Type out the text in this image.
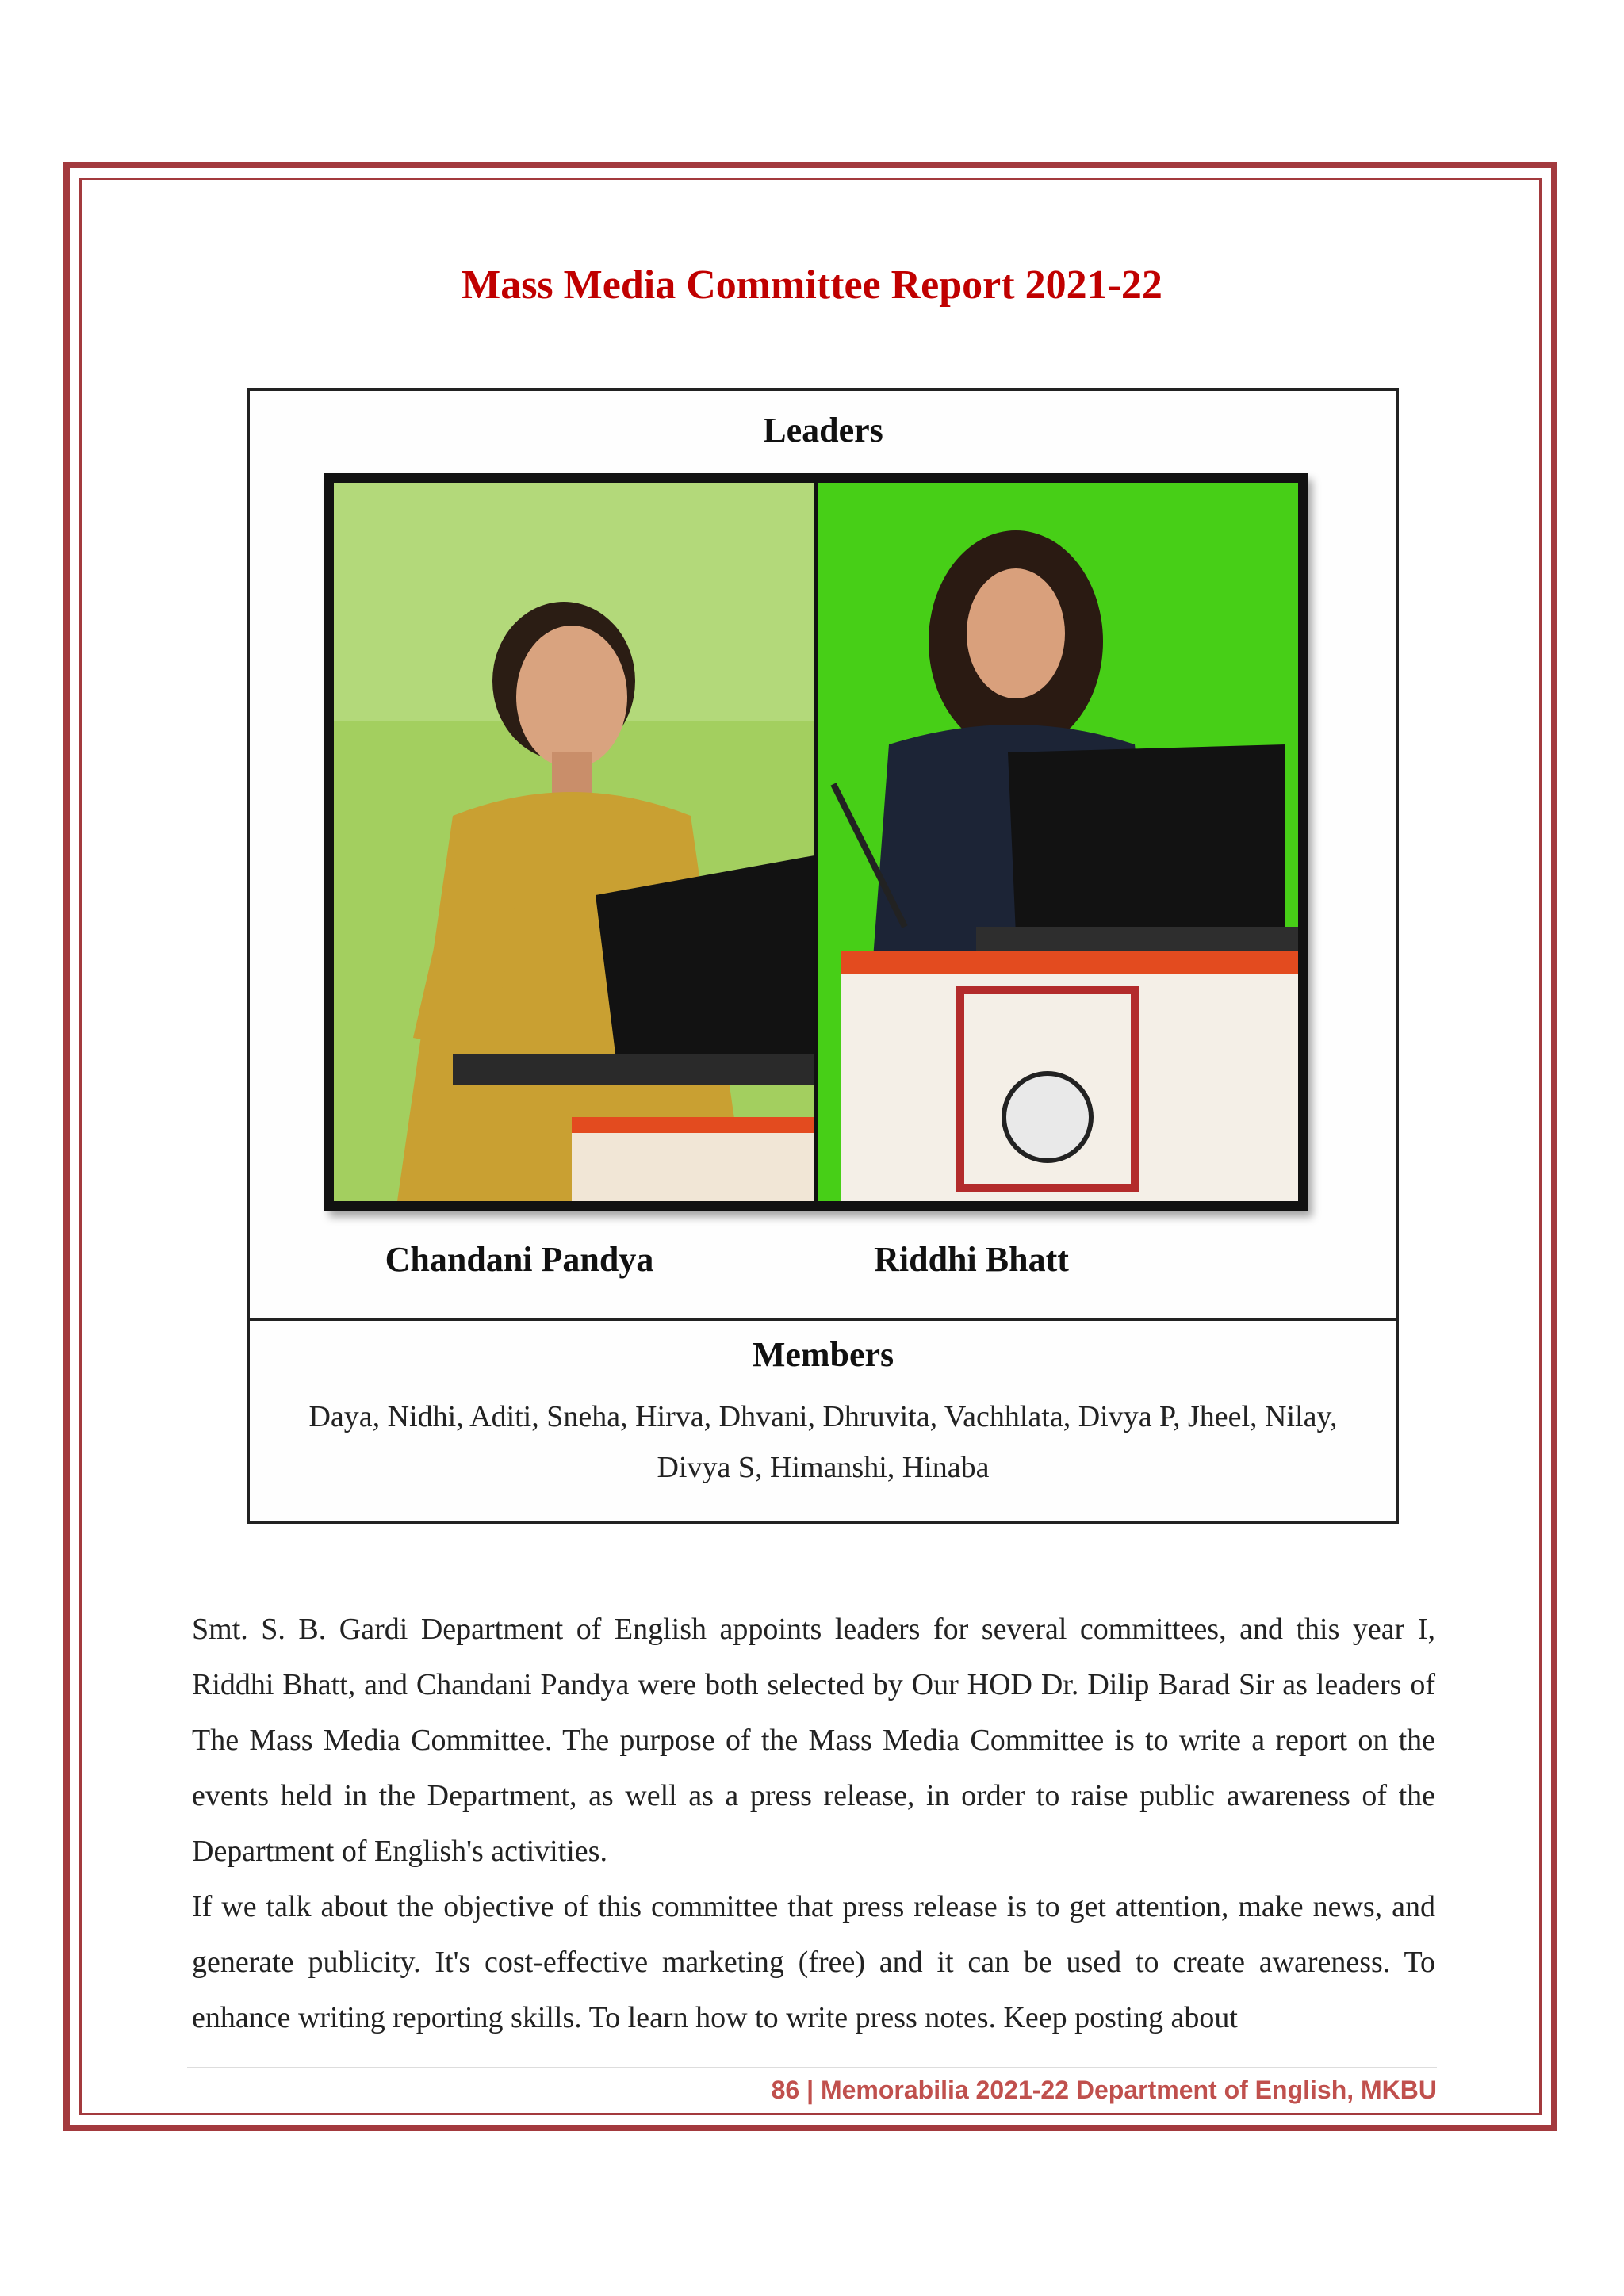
Mass Media Committee Report 2021-22
Leaders
Chandani Pandya	Riddhi Bhatt
Members
Daya, Nidhi, Aditi, Sneha, Hirva, Dhvani, Dhruvita, Vachhlata, Divya P, Jheel, Nilay, Divya S, Himanshi, Hinaba

Smt. S. B. Gardi Department of English appoints leaders for several committees, and this year I, Riddhi Bhatt, and Chandani Pandya were both selected by Our HOD Dr. Dilip Barad Sir as leaders of The Mass Media Committee. The purpose of the Mass Media Committee is to write a report on the events held in the Department, as well as a press release, in order to raise public awareness of the Department of English's activities.

If we talk about the objective of this committee that press release is to get attention, make news, and generate publicity. It's cost-effective marketing (free) and it can be used to create awareness. To enhance writing reporting skills. To learn how to write press notes. Keep posting about

86 | Memorabilia 2021-22 Department of English, MKBU
